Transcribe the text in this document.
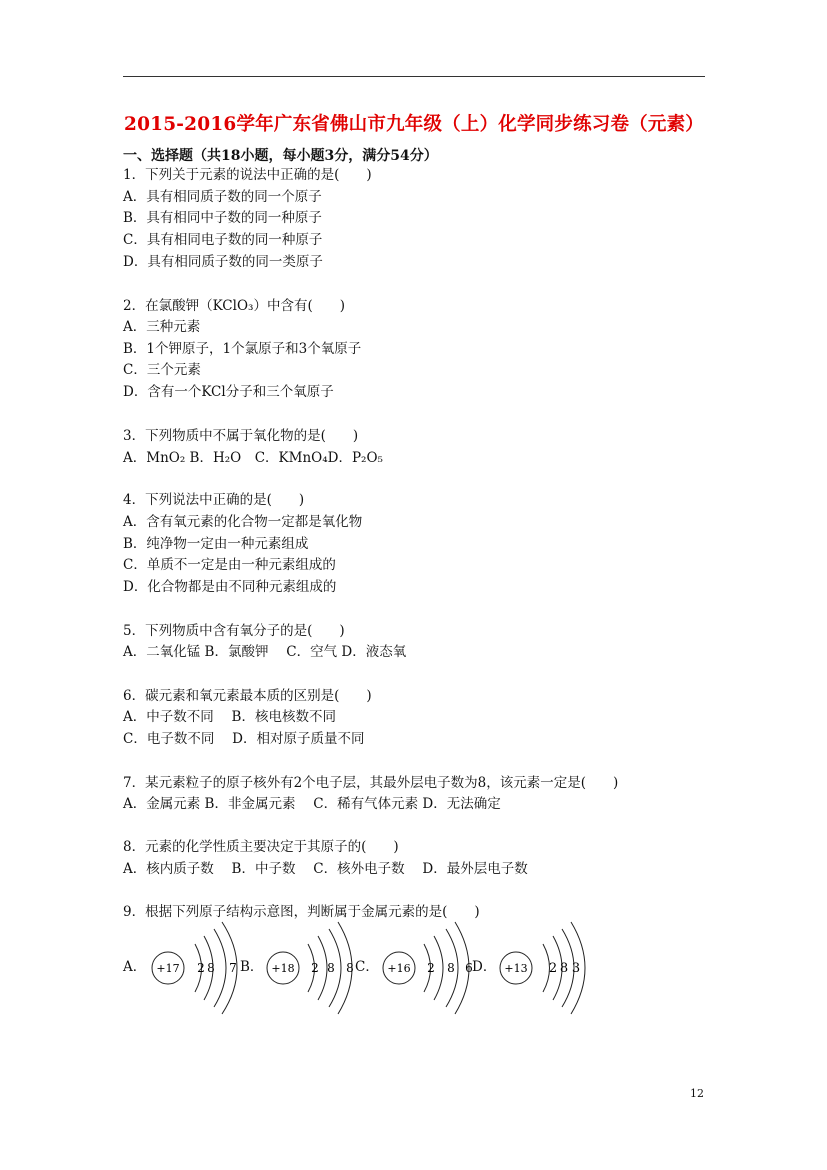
2015-2016学年广东省佛山市九年级（上）化学同步练习卷（元素）
一、选择题（共18小题，每小题3分，满分54分）
1．下列关于元素的说法中正确的是(　　)
A．具有相同质子数的同一个原子
B．具有相同中子数的同一种原子
C．具有相同电子数的同一种原子
D．具有相同质子数的同一类原子
2．在氯酸钾（KClO₃）中含有(　　)
A．三种元素
B．1个钾原子，1个氯原子和3个氧原子
C．三个元素
D．含有一个KCl分子和三个氧原子
3．下列物质中不属于氧化物的是(　　)
A．MnO₂ B．H₂O　C．KMnO₄D．P₂O₅
4．下列说法中正确的是(　　)
A．含有氧元素的化合物一定都是氧化物
B．纯净物一定由一种元素组成
C．单质不一定是由一种元素组成的
D．化合物都是由不同种元素组成的
5．下列物质中含有氧分子的是(　　)
A．二氧化锰 B．氯酸钾　 C．空气 D．液态氧
6．碳元素和氧元素最本质的区别是(　　)
A．中子数不同　 B．核电核数不同
C．电子数不同　 D．相对原子质量不同
7．某元素粒子的原子核外有2个电子层，其最外层电子数为8，该元素一定是(　　)
A．金属元素 B．非金属元素　 C．稀有气体元素 D．无法确定
8．元素的化学性质主要决定于其原子的(　　)
A．核内质子数　 B．中子数　 C．核外电子数　 D．最外层电子数
9．根据下列原子结构示意图，判断属于金属元素的是(　　)
A．	B．	C．	D．
+17 2 8 7	+18 2 8 8	+16 2 8 6	+13 2 8 3
12
